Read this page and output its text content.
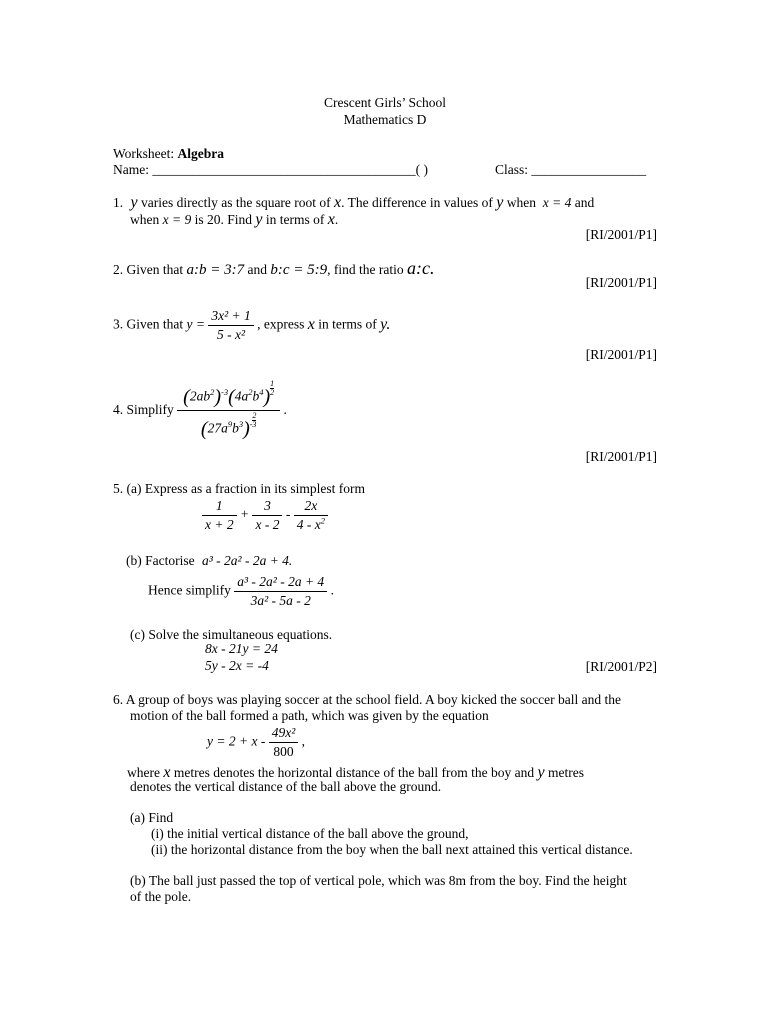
Crescent Girls’ School
Mathematics D
Worksheet: Algebra
Name: _______________________________________( )	Class: _________________
1.  y varies directly as the square root of x. The difference in values of y when  x = 4 and
when x = 9 is 20. Find y in terms of x.
[RI/2001/P1]
2. Given that a:b = 3:7 and b:c = 5:9, find the ratio a:c.
[RI/2001/P1]
3. Given that $y = \frac{\text{3x² + 1}}{\text{5 - x²}}$ , express x in terms of y.
[RI/2001/P1]
4. Simplify $\frac{(2ab^2)^{-3}(4a^2b^4)\frac{1}{2}}{(27a^9b^3)^-\frac{2}{3}}$ .
[RI/2001/P1]
5. (a) Express as a fraction in its simplest form
$\frac{1}{x + 2} + \frac{3}{x - 2} - \frac{2x}{4 - x^2}$
(b) Factorise a³ - 2a² - 2a + 4.
Hence simplify $\frac{\text{a³ - 2a² - 2a + 4}}{\text{3a² - 5a - 2}}$ .
(c) Solve the simultaneous equations.
8x - 21y = 24
5y - 2x = -4	[RI/2001/P2]
6. A group of boys was playing soccer at the school field. A boy kicked the soccer ball and the
motion of the ball formed a path, which was given by the equation
$y = 2 + x - \frac{\text{49x²}}{800}$ ,
where x metres denotes the horizontal distance of the ball from the boy and y metres
denotes the vertical distance of the ball above the ground.
(a) Find
(i) the initial vertical distance of the ball above the ground,
(ii) the horizontal distance from the boy when the ball next attained this vertical distance.
(b) The ball just passed the top of vertical pole, which was 8m from the boy. Find the height
of the pole.
